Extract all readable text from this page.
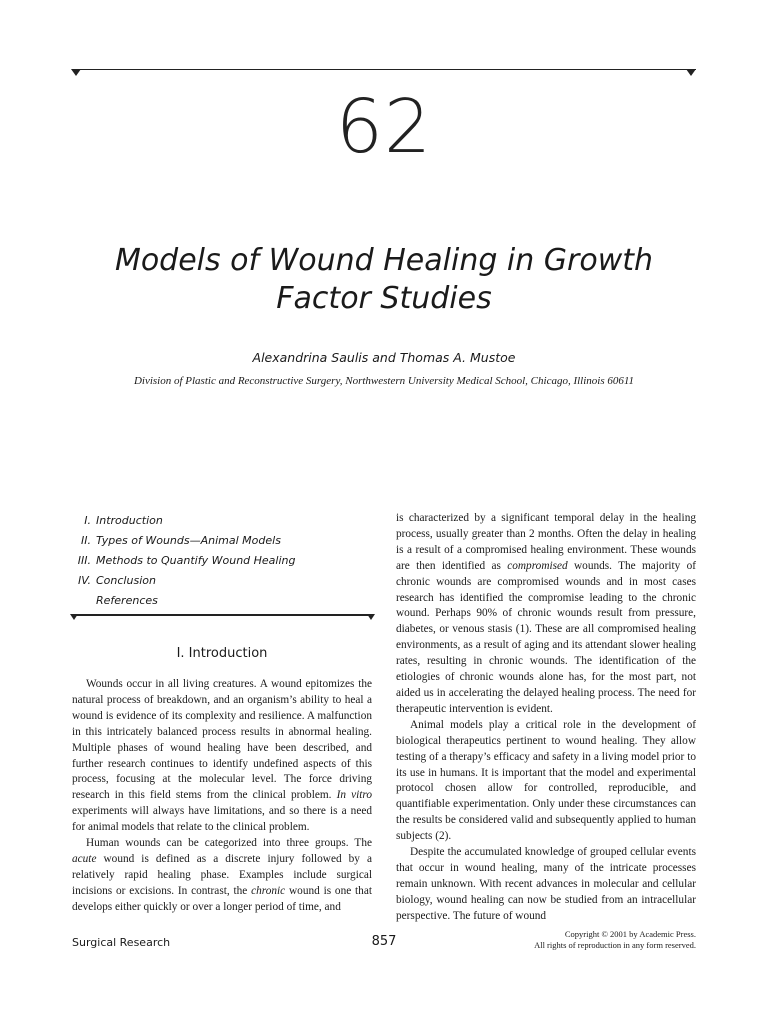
62
Models of Wound Healing in Growth Factor Studies
Alexandrina Saulis and Thomas A. Mustoe
Division of Plastic and Reconstructive Surgery, Northwestern University Medical School, Chicago, Illinois 60611
I. Introduction
II. Types of Wounds—Animal Models
III. Methods to Quantify Wound Healing
IV. Conclusion
References
I. Introduction

Wounds occur in all living creatures. A wound epitomizes the natural process of breakdown, and an organism’s ability to heal a wound is evidence of its complexity and resilience. A malfunction in this intricately balanced process results in abnormal healing. Multiple phases of wound healing have been described, and further research continues to identify undefined aspects of this process, focusing at the molecular level. The force driving research in this field stems from the clinical problem. In vitro experiments will always have limitations, and so there is a need for animal models that relate to the clinical problem.

Human wounds can be categorized into three groups. The acute wound is defined as a discrete injury followed by a relatively rapid healing phase. Examples include surgical incisions or excisions. In contrast, the chronic wound is one that develops either quickly or over a longer period of time, and

is characterized by a significant temporal delay in the healing process, usually greater than 2 months. Often the delay in healing is a result of a compromised healing environment. These wounds are then identified as compromised wounds. The majority of chronic wounds are compromised wounds and in most cases research has identified the compromise leading to the chronic wound. Perhaps 90% of chronic wounds result from pressure, diabetes, or venous stasis (1). These are all compromised healing environments, as a result of aging and its attendant slower healing rates, resulting in chronic wounds. The identification of the etiologies of chronic wounds alone has, for the most part, not aided us in accelerating the delayed healing process. The need for therapeutic intervention is evident.

Animal models play a critical role in the development of biological therapeutics pertinent to wound healing. They allow testing of a therapy’s efficacy and safety in a living model prior to its use in humans. It is important that the model and experimental protocol chosen allow for controlled, reproducible, and quantifiable experimentation. Only under these circumstances can the results be considered valid and subsequently applied to human subjects (2).

Despite the accumulated knowledge of grouped cellular events that occur in wound healing, many of the intricate processes remain unknown. With recent advances in molecular and cellular biology, wound healing can now be studied from an intracellular perspective. The future of wound

Surgical Research	857	Copyright © 2001 by Academic Press.
All rights of reproduction in any form reserved.
